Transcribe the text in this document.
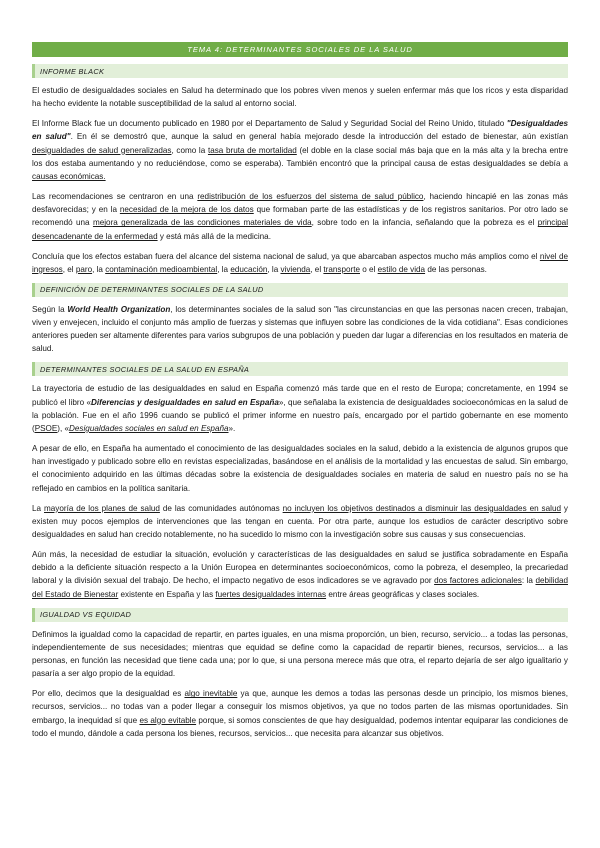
TEMA 4: DETERMINANTES SOCIALES DE LA SALUD
INFORME BLACK

El estudio de desigualdades sociales en Salud ha determinado que los pobres viven menos y suelen enfermar más que los ricos y esta disparidad ha hecho evidente la notable susceptibilidad de la salud al entorno social.

El Informe Black fue un documento publicado en 1980 por el Departamento de Salud y Seguridad Social del Reino Unido, titulado "Desigualdades en salud". En él se demostró que, aunque la salud en general había mejorado desde la introducción del estado de bienestar, aún existían desigualdades de salud generalizadas, como la tasa bruta de mortalidad (el doble en la clase social más baja que en la más alta y la brecha entre los dos estaba aumentando y no reduciéndose, como se esperaba). También encontró que la principal causa de estas desigualdades se debía a causas económicas.

Las recomendaciones se centraron en una redistribución de los esfuerzos del sistema de salud público, haciendo hincapié en las zonas más desfavorecidas; y en la necesidad de la mejora de los datos que formaban parte de las estadísticas y de los registros sanitarios. Por otro lado se recomendó una mejora generalizada de las condiciones materiales de vida, sobre todo en la infancia, señalando que la pobreza es el principal desencadenante de la enfermedad y está más allá de la medicina.

Concluía que los efectos estaban fuera del alcance del sistema nacional de salud, ya que abarcaban aspectos mucho más amplios como el nivel de ingresos, el paro, la contaminación medioambiental, la educación, la vivienda, el transporte o el estilo de vida de las personas.

DEFINICIÓN DE DETERMINANTES SOCIALES DE LA SALUD

Según la World Health Organization, los determinantes sociales de la salud son "las circunstancias en que las personas nacen crecen, trabajan, viven y envejecen, incluido el conjunto más amplio de fuerzas y sistemas que influyen sobre las condiciones de la vida cotidiana". Esas condiciones anteriores pueden ser altamente diferentes para varios subgrupos de una población y pueden dar lugar a diferencias en los resultados en materia de salud.

DETERMINANTES SOCIALES DE LA SALUD EN ESPAÑA

La trayectoria de estudio de las desigualdades en salud en España comenzó más tarde que en el resto de Europa; concretamente, en 1994 se publicó el libro «Diferencias y desigualdades en salud en España», que señalaba la existencia de desigualdades socioeconómicas en la salud de la población. Fue en el año 1996 cuando se publicó el primer informe en nuestro país, encargado por el partido gobernante en ese momento (PSOE), «Desigualdades sociales en salud en España».

A pesar de ello, en España ha aumentado el conocimiento de las desigualdades sociales en la salud, debido a la existencia de algunos grupos que han investigado y publicado sobre ello en revistas especializadas, basándose en el análisis de la mortalidad y las encuestas de salud. Sin embargo, el conocimiento adquirido en las últimas décadas sobre la existencia de desigualdades sociales en materia de salud en nuestro país no se ha reflejado en cambios en la política sanitaria.

La mayoría de los planes de salud de las comunidades autónomas no incluyen los objetivos destinados a disminuir las desigualdades en salud y existen muy pocos ejemplos de intervenciones que las tengan en cuenta. Por otra parte, aunque los estudios de carácter descriptivo sobre desigualdades en salud han crecido notablemente, no ha sucedido lo mismo con la investigación sobre sus causas y sus consecuencias.

Aún más, la necesidad de estudiar la situación, evolución y características de las desigualdades en salud se justifica sobradamente en España debido a la deficiente situación respecto a la Unión Europea en determinantes socioeconómicos, como la pobreza, el desempleo, la precariedad laboral y la división sexual del trabajo. De hecho, el impacto negativo de esos indicadores se ve agravado por dos factores adicionales: la debilidad del Estado de Bienestar existente en España y las fuertes desigualdades internas entre áreas geográficas y clases sociales.

IGUALDAD VS EQUIDAD

Definimos la igualdad como la capacidad de repartir, en partes iguales, en una misma proporción, un bien, recurso, servicio... a todas las personas, independientemente de sus necesidades; mientras que equidad se define como la capacidad de repartir bienes, recursos, servicios... a las personas, en función las necesidad que tiene cada una; por lo que, si una persona merece más que otra, el reparto dejaría de ser algo igualitario y pasaría a ser algo propio de la equidad.

Por ello, decimos que la desigualdad es algo inevitable ya que, aunque les demos a todas las personas desde un principio, los mismos bienes, recursos, servicios... no todas van a poder llegar a conseguir los mismos objetivos, ya que no todos parten de las mismas oportunidades. Sin embargo, la inequidad sí que es algo evitable porque, si somos conscientes de que hay desigualdad, podemos intentar equiparar las condiciones de todo el mundo, dándole a cada persona los bienes, recursos, servicios... que necesita para alcanzar sus objetivos.
